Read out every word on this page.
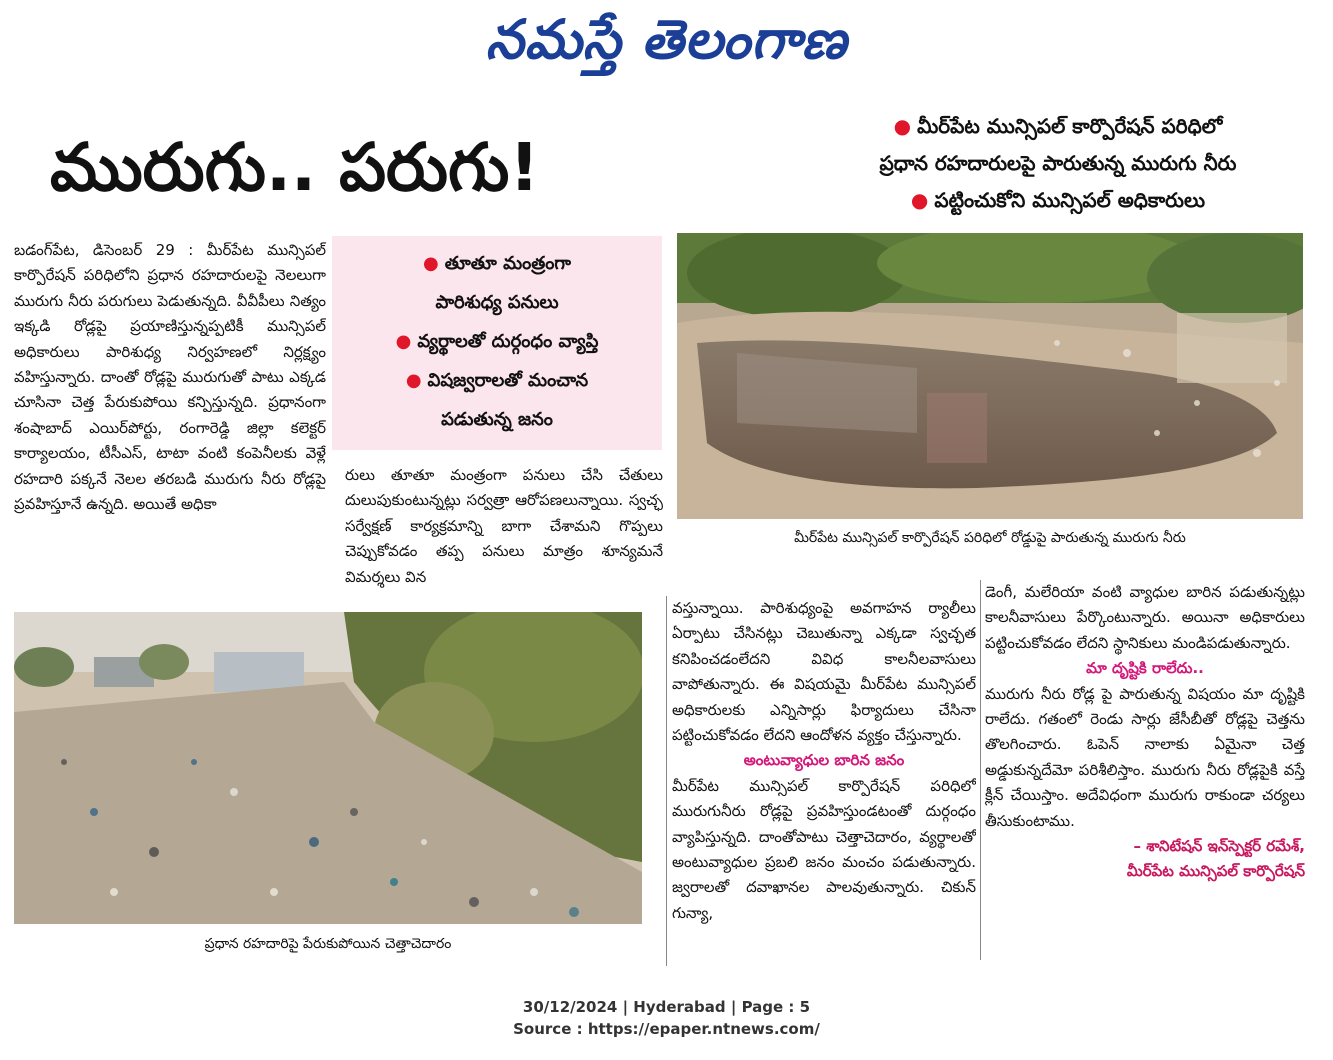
నమస్తే తెలంగాణ
మురుగు.. పరుగు!
● మీర్‌పేట మున్సిపల్ కార్పొరేషన్ పరిధిలో
ప్రధాన రహదారులపై పారుతున్న మురుగు నీరు
● పట్టించుకోని మున్సిపల్ అధికారులు

బడంగ్‌పేట, డిసెంబర్ 29 : మీర్‌పేట మున్సిపల్ కార్పొరేషన్ పరిధిలోని ప్రధాన రహదారులపై నెలలుగా మురుగు నీరు పరుగులు పెడుతున్నది. వీవీపీలు నిత్యం ఇక్కడి రోడ్లపై ప్రయాణిస్తున్నప్పటికీ మున్సిపల్ అధికారులు పారిశుధ్య నిర్వహణలో నిర్లక్ష్యం వహిస్తున్నారు. దాంతో రోడ్లపై మురుగుతో పాటు ఎక్కడ చూసినా చెత్త పేరుకుపోయి కన్పిస్తున్నది. ప్రధానంగా శంషాబాద్ ఎయిర్‌పోర్టు, రంగారెడ్డి జిల్లా కలెక్టర్ కార్యాలయం, టీసీఎస్, టాటా వంటి కంపెనీలకు వెళ్లే రహదారి పక్కనే నెలల తరబడి మురుగు నీరు రోడ్లపై ప్రవహిస్తూనే ఉన్నది. అయితే అధికా

● తూతూ మంత్రంగా
పారిశుధ్య పనులు
● వ్యర్థాలతో దుర్గంధం వ్యాప్తి
● విషజ్వరాలతో మంచాన
పడుతున్న జనం

రులు తూతూ మంత్రంగా పనులు చేసి చేతులు దులుపుకుంటున్నట్లు సర్వత్రా ఆరోపణలున్నాయి. స్వచ్ఛ సర్వేక్షణ్ కార్యక్రమాన్ని బాగా చేశామని గొప్పలు చెప్పుకోవడం తప్ప పనులు మాత్రం శూన్యమనే విమర్శలు విన

మీర్‌పేట మున్సిపల్ కార్పొరేషన్ పరిధిలో రోడ్డుపై పారుతున్న మురుగు నీరు
ప్రధాన రహదారిపై పేరుకుపోయిన చెత్తాచెదారం

వస్తున్నాయి. పారిశుధ్యంపై అవగాహన ర్యాలీలు ఏర్పాటు చేసినట్లు చెబుతున్నా ఎక్కడా స్వచ్ఛత కనిపించడంలేదని వివిధ కాలనీలవాసులు వాపోతున్నారు. ఈ విషయమై మీర్‌పేట మున్సిపల్ అధికారులకు ఎన్నిసార్లు ఫిర్యాదులు చేసినా పట్టించుకోవడం లేదని ఆందోళన వ్యక్తం చేస్తున్నారు.

అంటువ్యాధుల బారిన జనం

మీర్‌పేట మున్సిపల్ కార్పొరేషన్ పరిధిలో మురుగునీరు రోడ్లపై ప్రవహిస్తుండటంతో దుర్గంధం వ్యాపిస్తున్నది. దాంతోపాటు చెత్తాచెదారం, వ్యర్థాలతో అంటువ్యాధుల ప్రబలి జనం మంచం పడుతున్నారు. జ్వరాలతో దవాఖానల పాలవుతున్నారు. చికున్ గున్యా,

డెంగీ, మలేరియా వంటి వ్యాధుల బారిన పడుతున్నట్లు కాలనీవాసులు పేర్కొంటున్నారు. అయినా అధికారులు పట్టించుకోవడం లేదని స్థానికులు మండిపడుతున్నారు.

మా దృష్టికి రాలేదు..

మురుగు నీరు రోడ్ల పై పారుతున్న విషయం మా దృష్టికి రాలేదు. గతంలో రెండు సార్లు జేసీబీతో రోడ్లపై చెత్తను తొలగించారు. ఓపెన్ నాలాకు ఏమైనా చెత్త అడ్డుకున్నదేమో పరిశీలిస్తాం. మురుగు నీరు రోడ్లపైకి వస్తే క్లీన్ చేయిస్తాం. అదేవిధంగా మురుగు రాకుండా చర్యలు తీసుకుంటాము.

– శానిటేషన్ ఇన్‌స్పెక్టర్ రమేశ్,

మీర్‌పేట మున్సిపల్ కార్పొరేషన్

30/12/2024 | Hyderabad | Page : 5
Source : https://epaper.ntnews.com/
